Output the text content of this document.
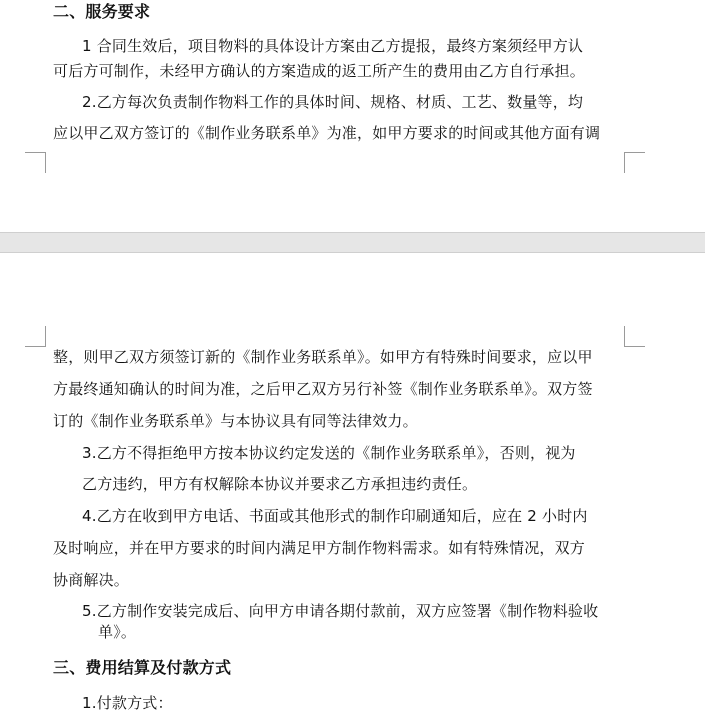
二、服务要求
1 合同生效后，项目物料的具体设计方案由乙方提报，最终方案须经甲方认
可后方可制作，未经甲方确认的方案造成的返工所产生的费用由乙方自行承担。
2.乙方每次负责制作物料工作的具体时间、规格、材质、工艺、数量等，均
应以甲乙双方签订的《制作业务联系单》为准，如甲方要求的时间或其他方面有调
整，则甲乙双方须签订新的《制作业务联系单》。如甲方有特殊时间要求，应以甲
方最终通知确认的时间为准，之后甲乙双方另行补签《制作业务联系单》。双方签
订的《制作业务联系单》与本协议具有同等法律效力。
3.乙方不得拒绝甲方按本协议约定发送的《制作业务联系单》，否则，视为
乙方违约，甲方有权解除本协议并要求乙方承担违约责任。
4.乙方在收到甲方电话、书面或其他形式的制作印刷通知后，应在 2 小时内
及时响应，并在甲方要求的时间内满足甲方制作物料需求。如有特殊情况，双方
协商解决。
5.乙方制作安装完成后、向甲方申请各期付款前，双方应签署《制作物料验收
单》。
三、费用结算及付款方式
1.付款方式：
